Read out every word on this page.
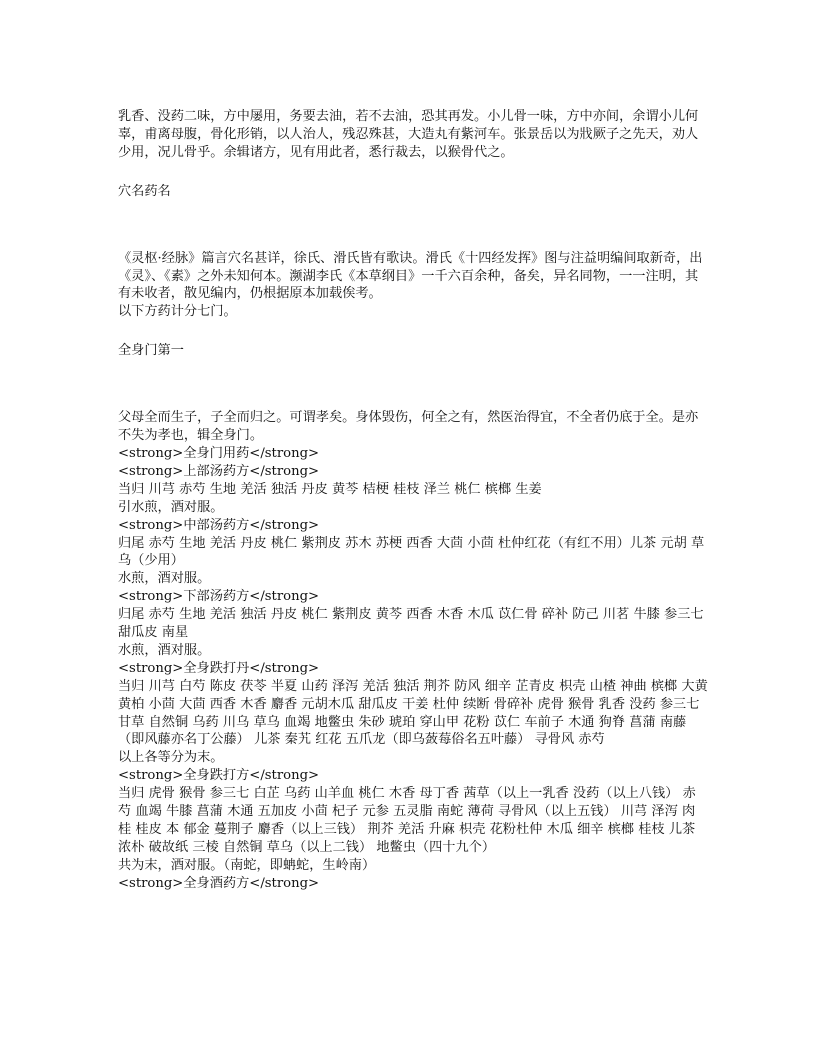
乳香、没药二味，方中屡用，务要去油，若不去油，恐其再发。小儿骨一味，方中亦间，余谓小儿何辜，甫离母腹，骨化形销，以人治人，残忍殊甚，大造丸有紫河车。张景岳以为戕厥子之先天，劝人少用，况儿骨乎。余辑诸方，见有用此者，悉行裁去，以猴骨代之。

穴名药名

《灵枢·经脉》篇言穴名甚详，徐氏、滑氏皆有歌诀。滑氏《十四经发挥》图与注益明编间取新奇，出《灵》、《素》之外未知何本。濒湖李氏《本草纲目》一千六百余种，备矣，异名同物，一一注明，其有未收者，散见编内，仍根据原本加载俟考。

以下方药计分七门。

全身门第一

父母全而生子，子全而归之。可谓孝矣。身体毁伤，何全之有，然医治得宜，不全者仍底于全。是亦不失为孝也，辑全身门。

<strong>全身门用药</strong>

<strong>上部汤药方</strong>

当归 川芎 赤芍 生地 羌活 独活 丹皮 黄芩 桔梗 桂枝 泽兰 桃仁 槟榔 生姜

引水煎，酒对服。

<strong>中部汤药方</strong>

归尾 赤芍 生地 羌活 丹皮 桃仁 紫荆皮 苏木 苏梗 西香 大茴 小茴 杜仲红花（有红不用）儿茶 元胡 草乌（少用）

水煎，酒对服。

<strong>下部汤药方</strong>

归尾 赤芍 生地 羌活 独活 丹皮 桃仁 紫荆皮 黄芩 西香 木香 木瓜 苡仁骨 碎补 防己 川茗 牛膝 参三七 甜瓜皮 南星

水煎，酒对服。

<strong>全身跌打丹</strong>

当归 川芎 白芍 陈皮 茯苓 半夏 山药 泽泻 羌活 独活 荆芥 防风 细辛 芷青皮 枳壳 山楂 神曲 槟榔 大黄 黄柏 小茴 大茴 西香 木香 麝香 元胡木瓜 甜瓜皮 干姜 杜仲 续断 骨碎补 虎骨 猴骨 乳香 没药 参三七 甘草 自然铜 乌药 川乌 草乌 血竭 地鳖虫 朱砂 琥珀 穿山甲 花粉 苡仁 车前子 木通 狗脊 菖蒲 南藤（即风藤亦名丁公藤） 儿茶 秦艽 红花 五爪龙（即乌蔹莓俗名五叶藤） 寻骨风 赤芍

以上各等分为末。

<strong>全身跌打方</strong>

当归 虎骨 猴骨 参三七 白芷 乌药 山羊血 桃仁 木香 母丁香 茜草（以上一乳香 没药（以上八钱） 赤芍 血竭 牛膝 菖蒲 木通 五加皮 小茴 杞子 元参 五灵脂 南蛇 薄荷 寻骨风（以上五钱） 川芎 泽泻 肉桂 桂皮 本 郁金 蔓荆子 麝香（以上三钱） 荆芥 羌活 升麻 枳壳 花粉杜仲 木瓜 细辛 槟榔 桂枝 儿茶 浓朴 破故纸 三棱 自然铜 草乌（以上二钱） 地鳖虫（四十九个）

共为末，酒对服。（南蛇，即蚺蛇，生岭南）

<strong>全身酒药方</strong>
